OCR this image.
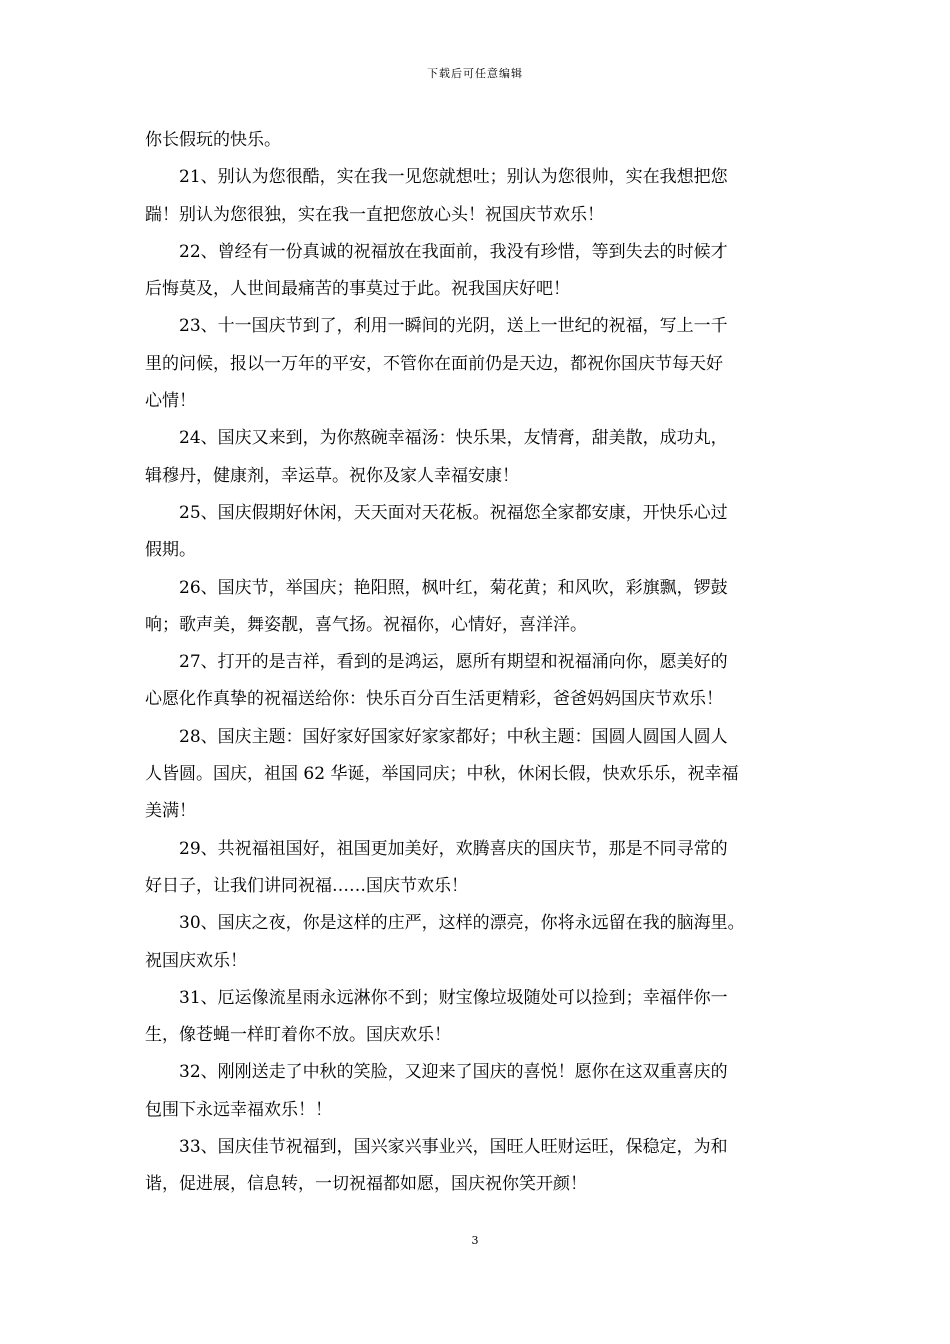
下载后可任意编辑

你长假玩的快乐。

21、别认为您很酷，实在我一见您就想吐；别认为您很帅，实在我想把您
踹！别认为您很独，实在我一直把您放心头！祝国庆节欢乐！

22、曾经有一份真诚的祝福放在我面前，我没有珍惜，等到失去的时候才
后悔莫及，人世间最痛苦的事莫过于此。祝我国庆好吧！

23、十一国庆节到了，利用一瞬间的光阴，送上一世纪的祝福，写上一千
里的问候，报以一万年的平安，不管你在面前仍是天边，都祝你国庆节每天好
心情！

24、国庆又来到，为你熬碗幸福汤：快乐果，友情膏，甜美散，成功丸，
辑穆丹，健康剂，幸运草。祝你及家人幸福安康！

25、国庆假期好休闲，天天面对天花板。祝福您全家都安康，开快乐心过
假期。

26、国庆节，举国庆；艳阳照，枫叶红，菊花黄；和风吹，彩旗飘，锣鼓
响；歌声美，舞姿靓，喜气扬。祝福你，心情好，喜洋洋。

27、打开的是吉祥，看到的是鸿运，愿所有期望和祝福涌向你，愿美好的
心愿化作真挚的祝福送给你：快乐百分百生活更精彩，爸爸妈妈国庆节欢乐！

28、国庆主题：国好家好国家好家家都好；中秋主题：国圆人圆国人圆人
人皆圆。国庆，祖国 62 华诞，举国同庆；中秋，休闲长假，快欢乐乐，祝幸福
美满！

29、共祝福祖国好，祖国更加美好，欢腾喜庆的国庆节，那是不同寻常的
好日子，让我们讲同祝福……国庆节欢乐！

30、国庆之夜，你是这样的庄严，这样的漂亮，你将永远留在我的脑海里。
祝国庆欢乐！

31、厄运像流星雨永远淋你不到；财宝像垃圾随处可以捡到；幸福伴你一
生，像苍蝇一样盯着你不放。国庆欢乐！

32、刚刚送走了中秋的笑脸，又迎来了国庆的喜悦！愿你在这双重喜庆的
包围下永远幸福欢乐！！

33、国庆佳节祝福到，国兴家兴事业兴，国旺人旺财运旺，保稳定，为和
谐，促进展，信息转，一切祝福都如愿，国庆祝你笑开颜！

3
